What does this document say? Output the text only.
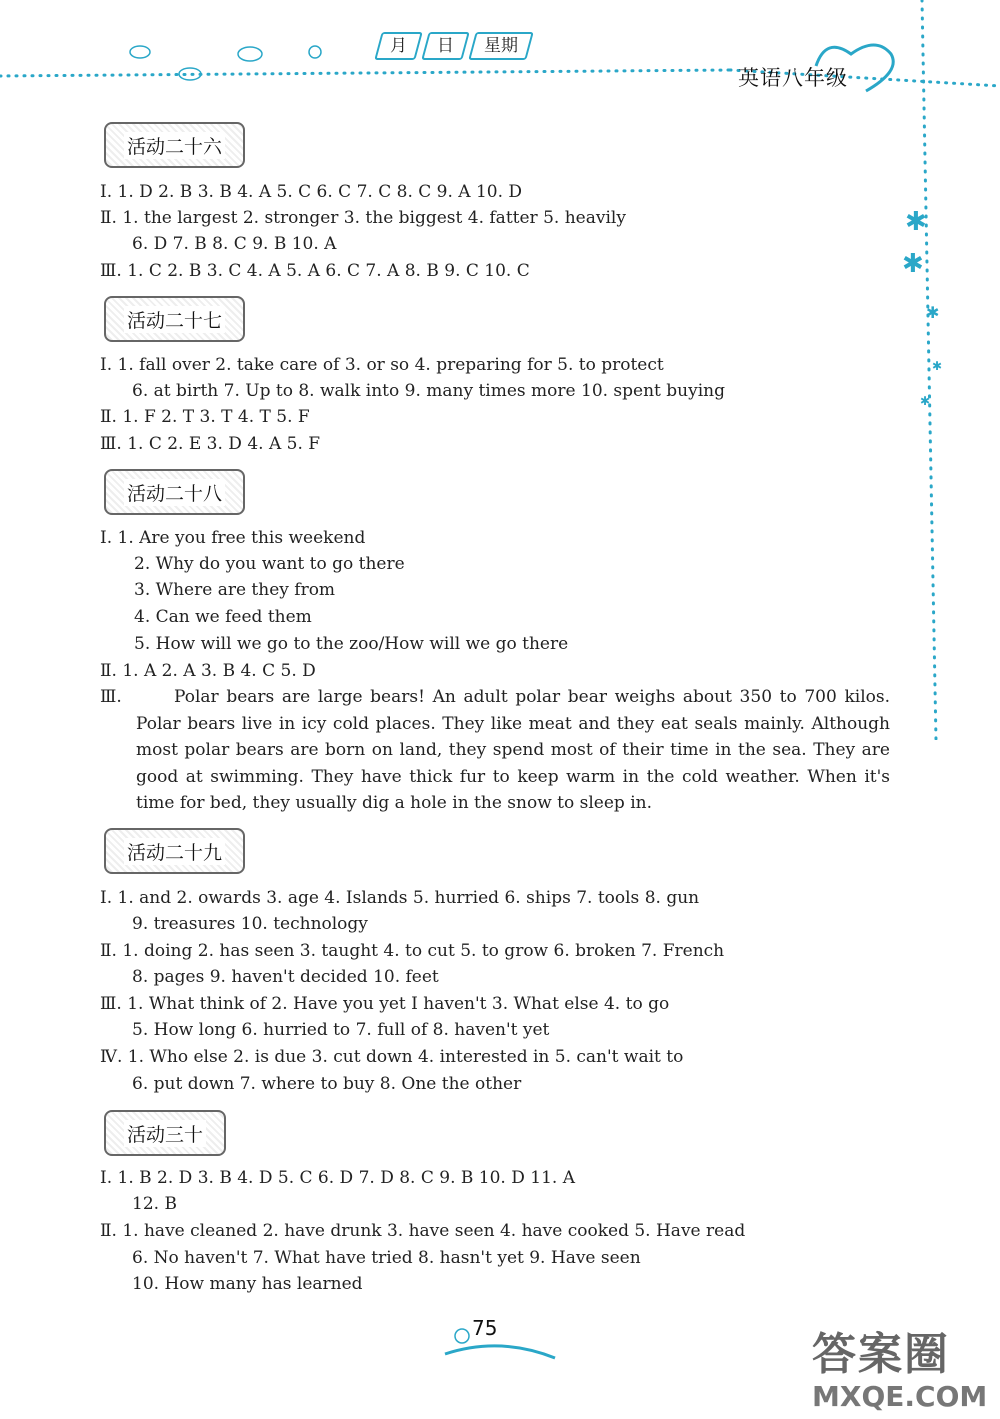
✱
✱
✱
✱
✱
月	日	星期
英语八年级
活动二十六
Ⅰ. 1. D 2. B 3. B 4. A 5. C 6. C 7. C 8. C 9. A 10. D
Ⅱ. 1. the largest 2. stronger 3. the biggest 4. fatter 5. heavily
6. D 7. B 8. C 9. B 10. A
Ⅲ. 1. C 2. B 3. C 4. A 5. A 6. C 7. A 8. B 9. C 10. C
活动二十七
Ⅰ. 1. fall over 2. take care of 3. or so 4. preparing for 5. to protect
6. at birth 7. Up to 8. walk into 9. many times more 10. spent buying
Ⅱ. 1. F 2. T 3. T 4. T 5. F
Ⅲ. 1. C 2. E 3. D 4. A 5. F
活动二十八
Ⅰ. 1. Are you free this weekend
2. Why do you want to go there
3. Where are they from
4. Can we feed them
5. How will we go to the zoo/How will we go there
Ⅱ. 1. A 2. A 3. B 4. C 5. D
Ⅲ.	Polar bears are large bears! An adult polar bear weighs about 350 to 700 kilos. Polar bears live in icy cold places. They like meat and they eat seals mainly. Although most polar bears are born on land, they spend most of their time in the sea. They are good at swimming. They have thick fur to keep warm in the cold weather. When it's time for bed, they usually dig a hole in the snow to sleep in.
活动二十九
Ⅰ. 1. and 2. owards 3. age 4. Islands 5. hurried 6. ships 7. tools 8. gun
9. treasures 10. technology
Ⅱ. 1. doing 2. has seen 3. taught 4. to cut 5. to grow 6. broken 7. French
8. pages 9. haven't decided 10. feet
Ⅲ. 1. What think of 2. Have you yet I haven't 3. What else 4. to go
5. How long 6. hurried to 7. full of 8. haven't yet
Ⅳ. 1. Who else 2. is due 3. cut down 4. interested in 5. can't wait to
6. put down 7. where to buy 8. One the other
活动三十
Ⅰ. 1. B 2. D 3. B 4. D 5. C 6. D 7. D 8. C 9. B 10. D 11. A
12. B
Ⅱ. 1. have cleaned 2. have drunk 3. have seen 4. have cooked 5. Have read
6. No haven't 7. What have tried 8. hasn't yet 9. Have seen
10. How many has learned
75
答案圈
MXQE.COM
